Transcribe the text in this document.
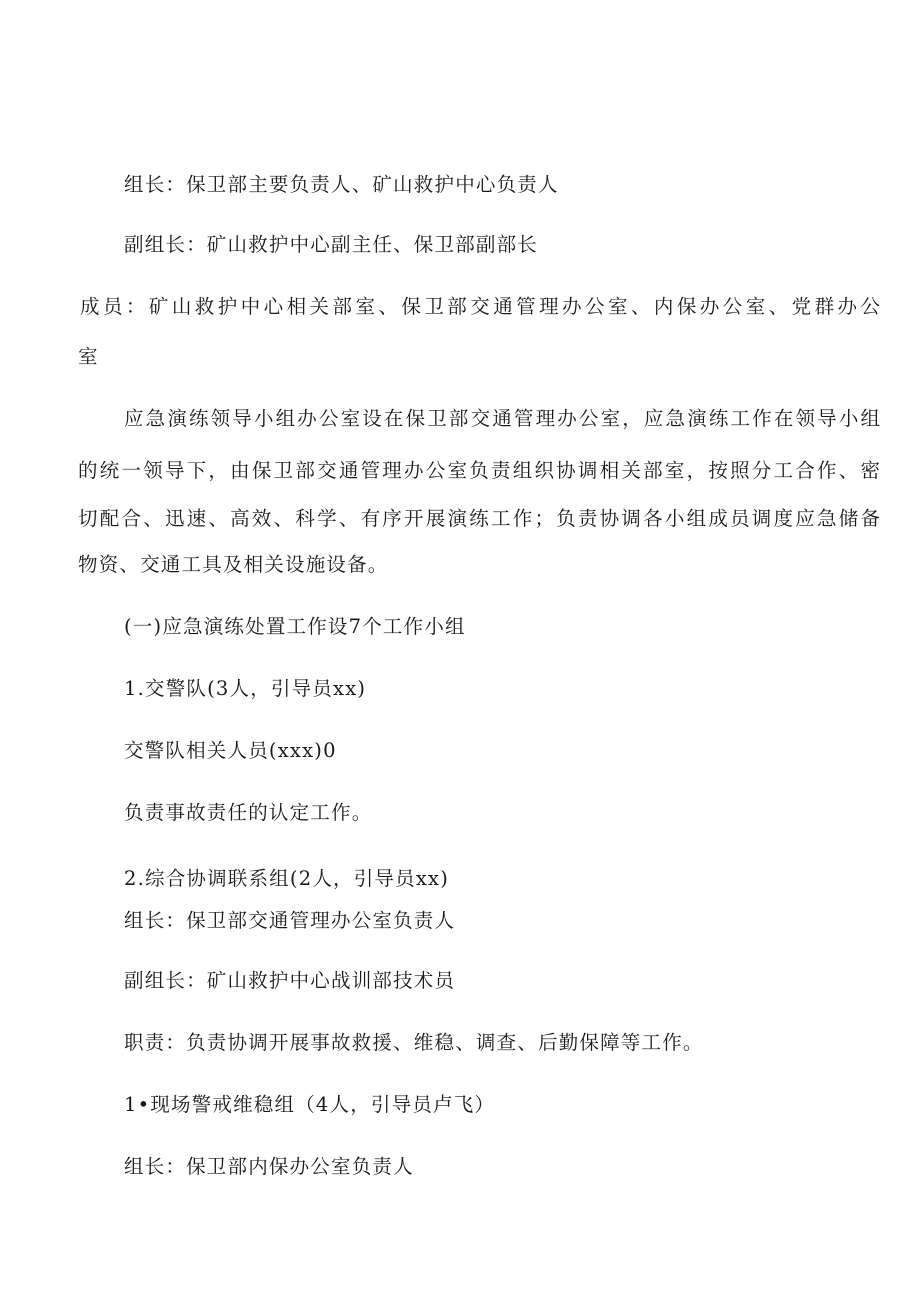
组长：保卫部主要负责人、矿山救护中心负责人

副组长：矿山救护中心副主任、保卫部副部长

成员：矿山救护中心相关部室、保卫部交通管理办公室、内保办公室、党群办公

室

应急演练领导小组办公室设在保卫部交通管理办公室，应急演练工作在领导小组

的统一领导下，由保卫部交通管理办公室负责组织协调相关部室，按照分工合作、密

切配合、迅速、高效、科学、有序开展演练工作；负责协调各小组成员调度应急储备

物资、交通工具及相关设施设备。

(一)应急演练处置工作设7个工作小组

1.交警队(3人，引导员xx)

交警队相关人员(xxx)0

负责事故责任的认定工作。

2.综合协调联系组(2人，引导员xx)

组长：保卫部交通管理办公室负责人

副组长：矿山救护中心战训部技术员

职责：负责协调开展事故救援、维稳、调查、后勤保障等工作。

1•现场警戒维稳组（4人，引导员卢飞）

组长：保卫部内保办公室负责人
